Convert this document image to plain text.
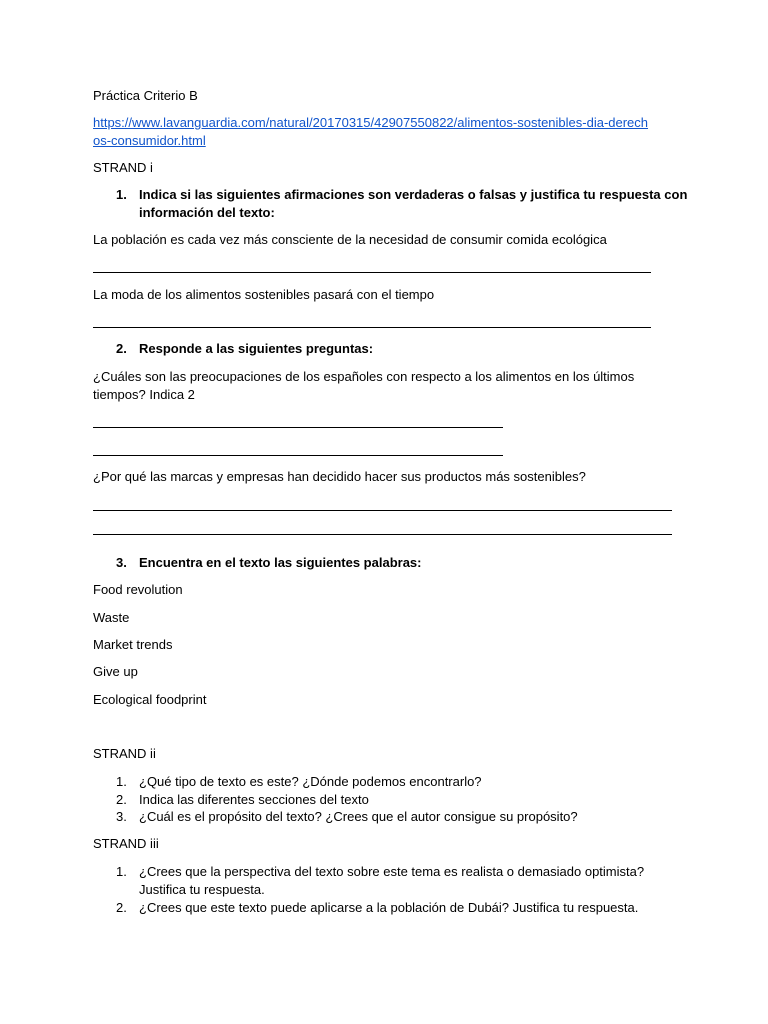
Práctica Criterio B

https://www.lavanguardia.com/natural/20170315/42907550822/alimentos-sostenibles-dia-derechos-consumidor.html

STRAND i

1. Indica si las siguientes afirmaciones son verdaderas o falsas y justifica tu respuesta con

información del texto:

La población es cada vez más consciente de la necesidad de consumir comida ecológica

La moda de los alimentos sostenibles pasará con el tiempo

2. Responde a las siguientes preguntas:

¿Cuáles son las preocupaciones de los españoles con respecto a los alimentos en los últimos

tiempos? Indica 2

¿Por qué las marcas y empresas han decidido hacer sus productos más sostenibles?

3. Encuentra en el texto las siguientes palabras:

Food revolution

Waste

Market trends

Give up

Ecological foodprint

STRAND ii

1. ¿Qué tipo de texto es este? ¿Dónde podemos encontrarlo?

2. Indica las diferentes secciones del texto

3. ¿Cuál es el propósito del texto? ¿Crees que el autor consigue su propósito?

STRAND iii

1. ¿Crees que la perspectiva del texto sobre este tema es realista o demasiado optimista?

Justifica tu respuesta.

2. ¿Crees que este texto puede aplicarse a la población de Dubái? Justifica tu respuesta.
